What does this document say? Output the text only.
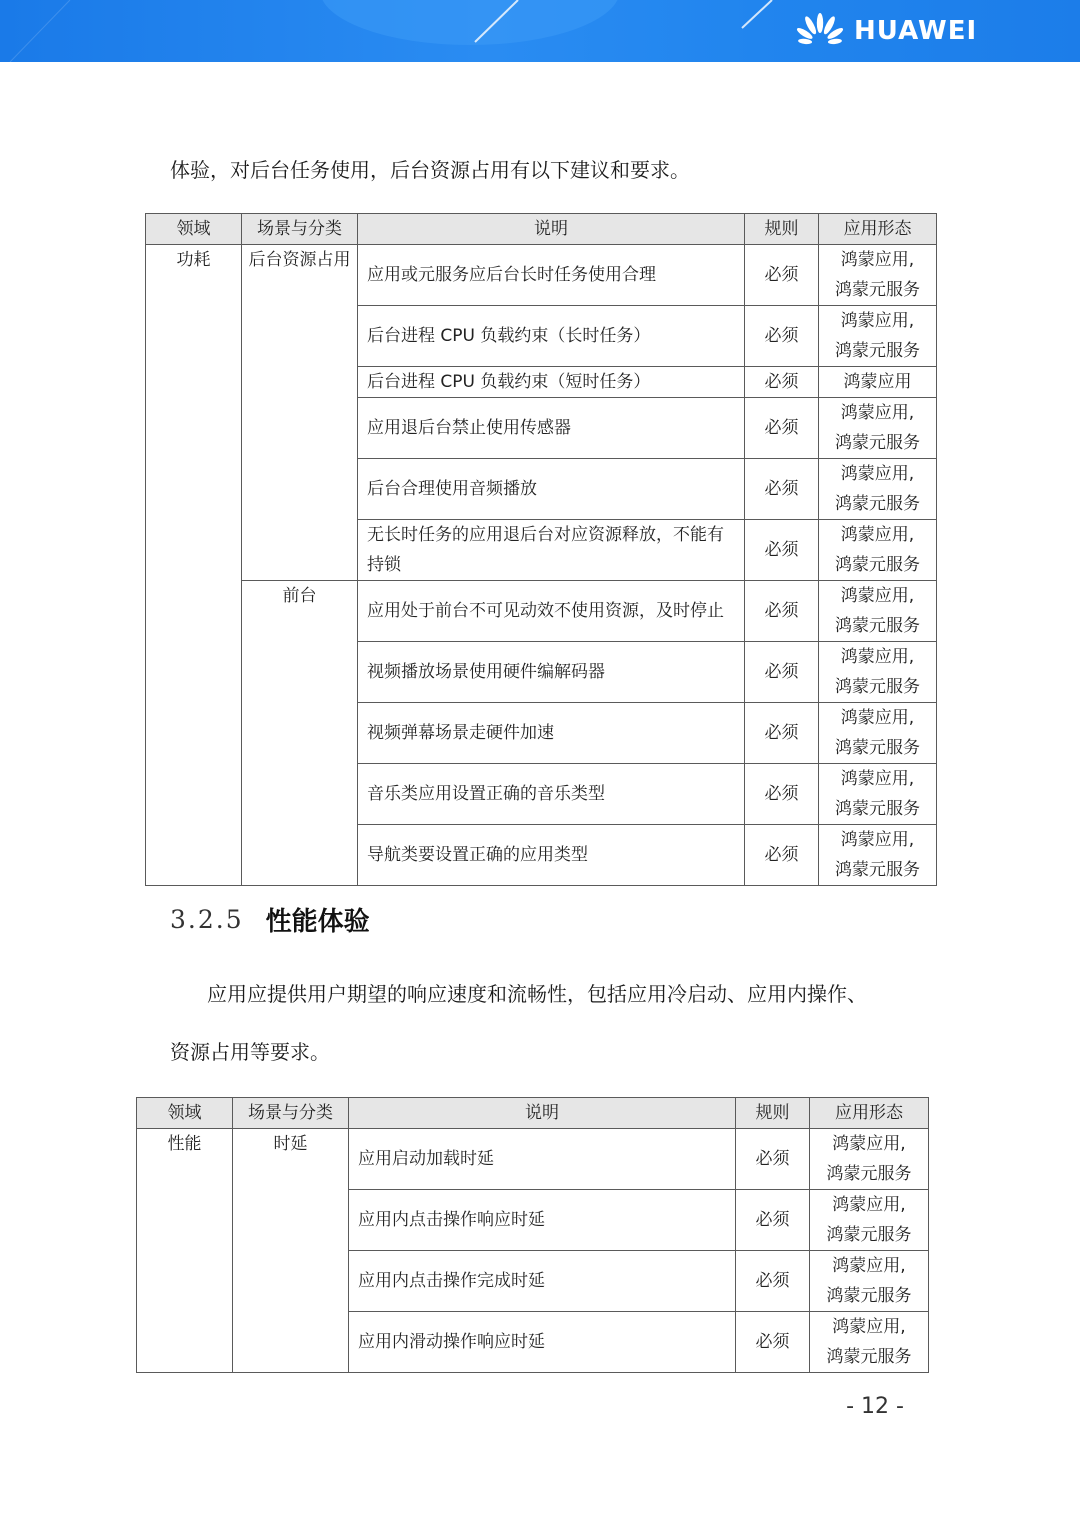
HUAWEI

体验，对后台任务使用，后台资源占用有以下建议和要求。

领域	场景与分类	说明	规则	应用形态
功耗	后台资源占用	应用或元服务应后台长时任务使用合理	必须	鸿蒙应用,
鸿蒙元服务
		后台进程 CPU 负载约束（长时任务）	必须	鸿蒙应用,
鸿蒙元服务
		后台进程 CPU 负载约束（短时任务）	必须	鸿蒙应用
		应用退后台禁止使用传感器	必须	鸿蒙应用,
鸿蒙元服务
		后台合理使用音频播放	必须	鸿蒙应用,
鸿蒙元服务
		无长时任务的应用退后台对应资源释放，不能有持锁	必须	鸿蒙应用,
鸿蒙元服务
	前台	应用处于前台不可见动效不使用资源，及时停止	必须	鸿蒙应用,
鸿蒙元服务
		视频播放场景使用硬件编解码器	必须	鸿蒙应用,
鸿蒙元服务
		视频弹幕场景走硬件加速	必须	鸿蒙应用,
鸿蒙元服务
		音乐类应用设置正确的音乐类型	必须	鸿蒙应用,
鸿蒙元服务
		导航类要设置正确的应用类型	必须	鸿蒙应用,
鸿蒙元服务
3.2.5 性能体验

应用应提供用户期望的响应速度和流畅性，包括应用冷启动、应用内操作、

资源占用等要求。

领域	场景与分类	说明	规则	应用形态
性能	时延	应用启动加载时延	必须	鸿蒙应用,
鸿蒙元服务
		应用内点击操作响应时延	必须	鸿蒙应用,
鸿蒙元服务
		应用内点击操作完成时延	必须	鸿蒙应用,
鸿蒙元服务
		应用内滑动操作响应时延	必须	鸿蒙应用,
鸿蒙元服务
- 12 -
